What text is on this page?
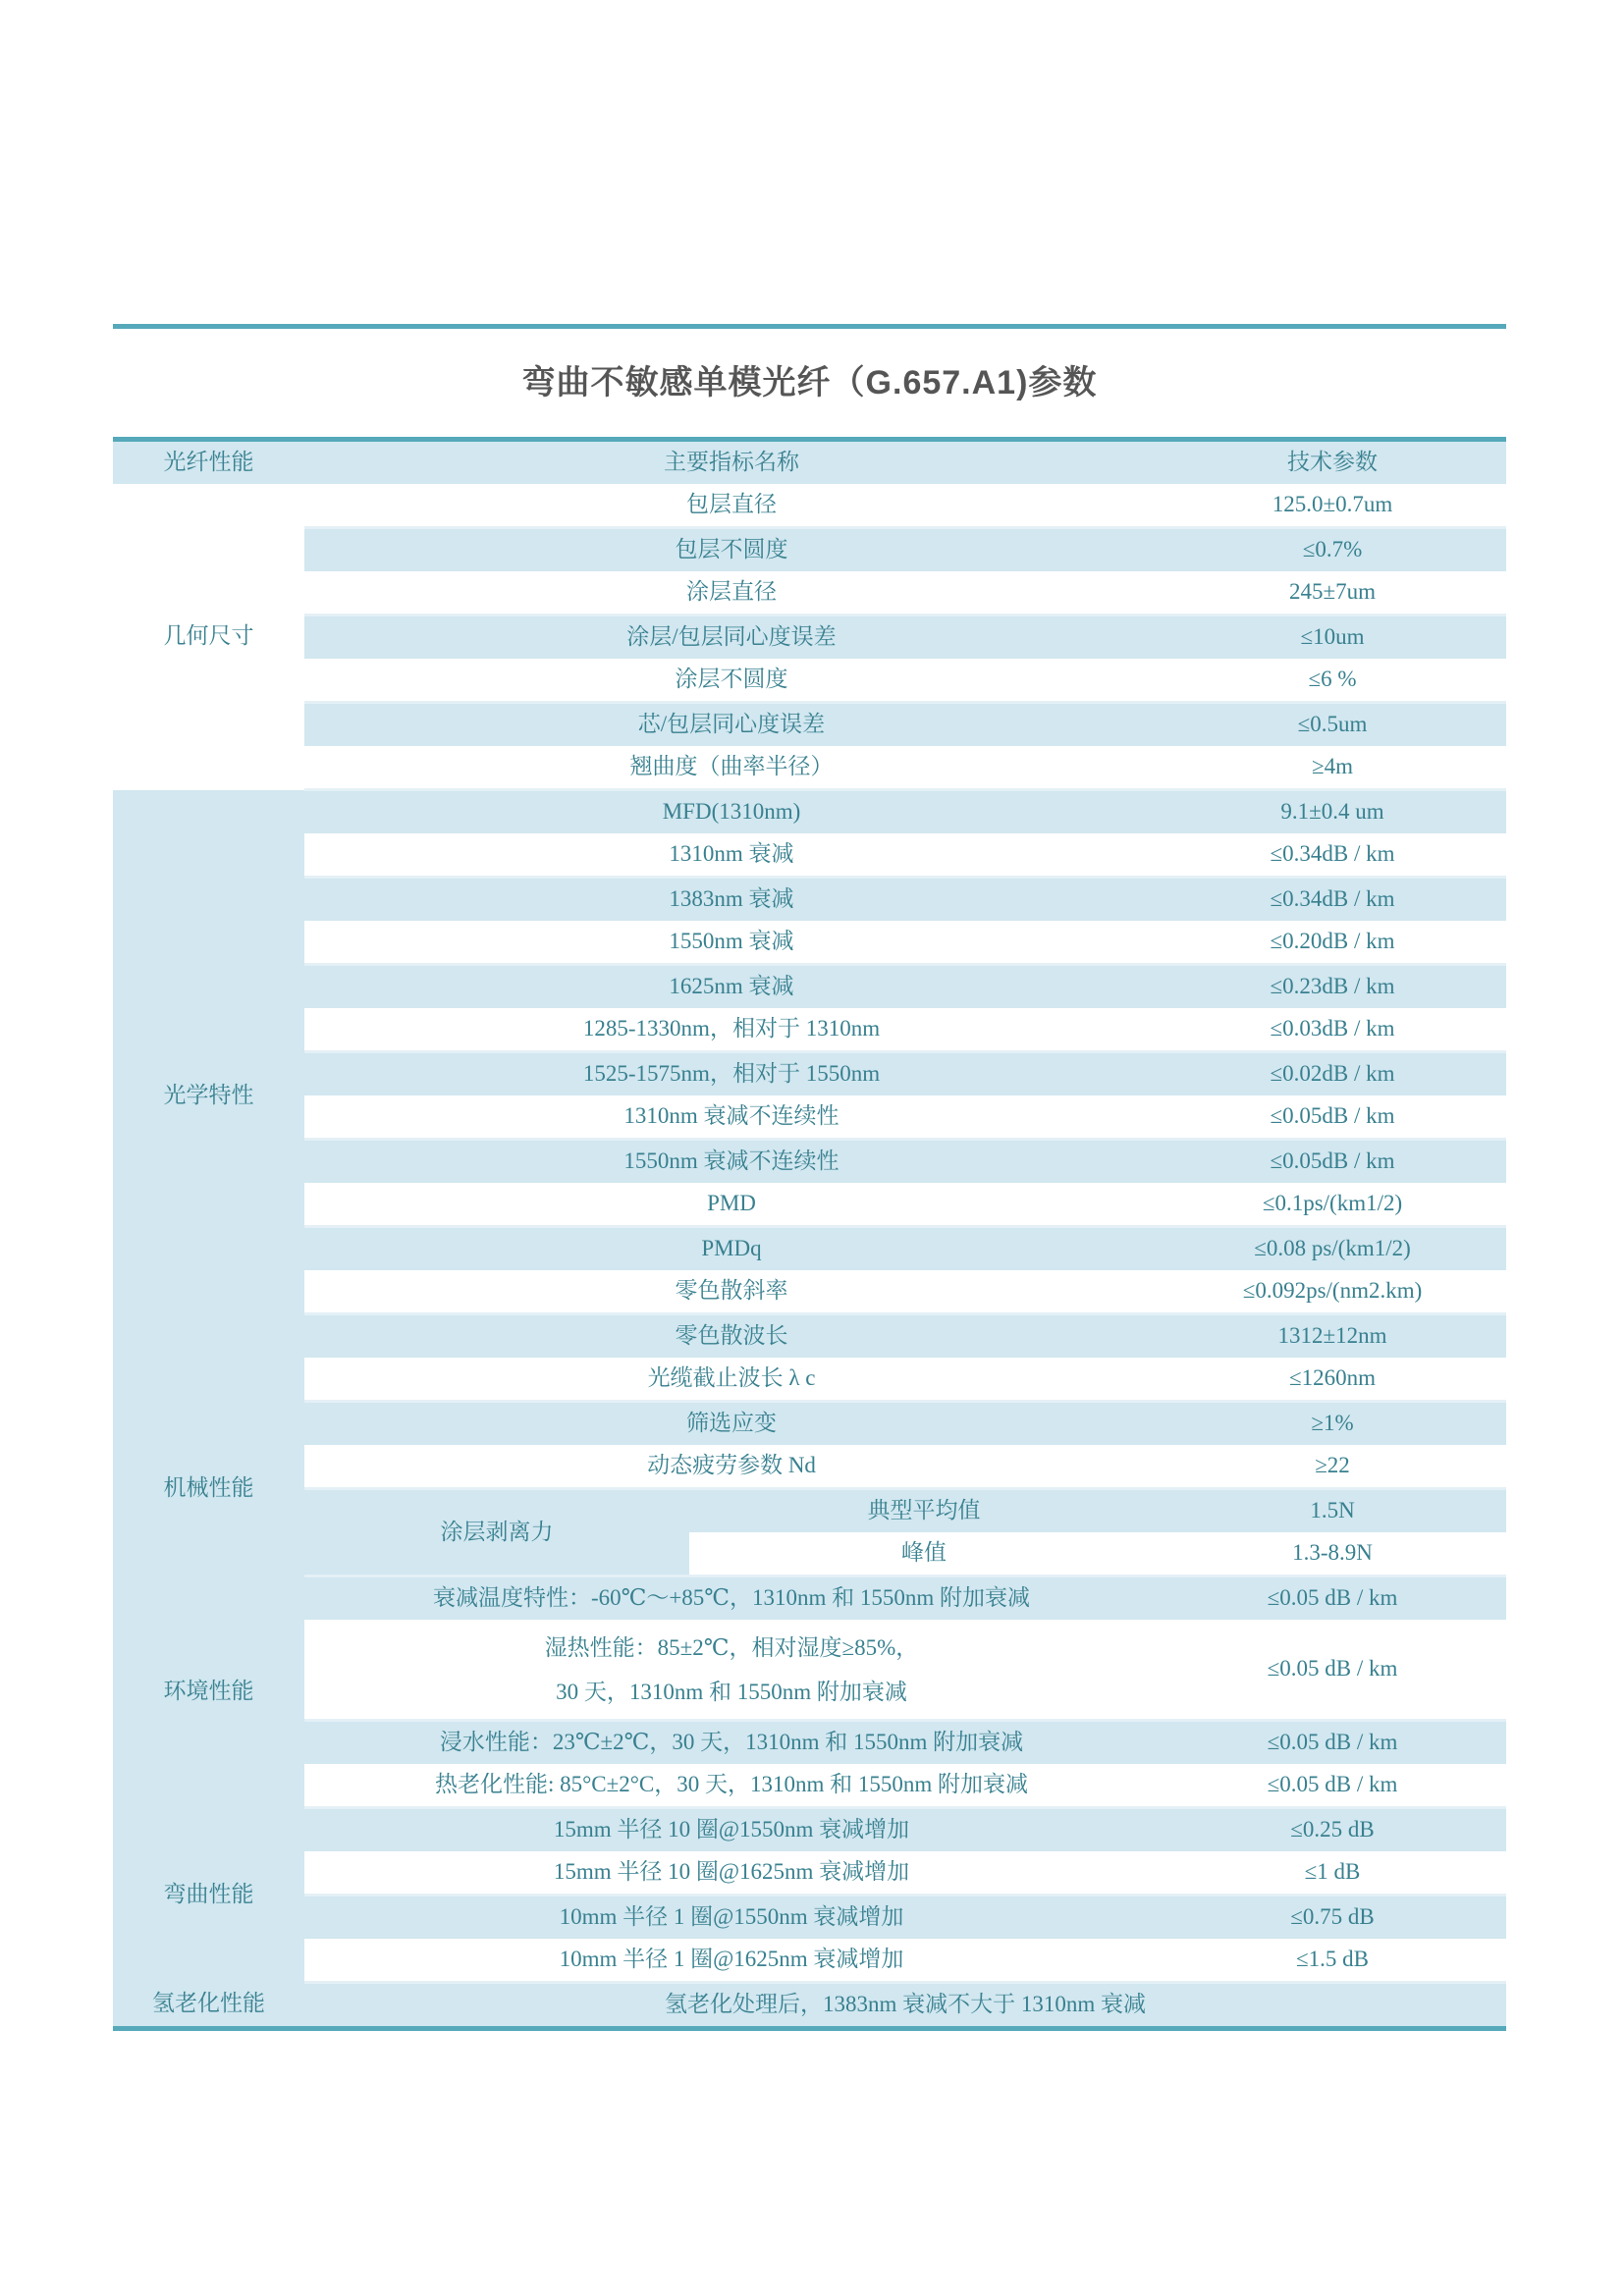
弯曲不敏感单模光纤（G.657.A1)参数
光纤性能	主要指标名称		技术参数
几何尺寸	包层直径		125.0±0.7um
	包层不圆度		≤0.7%
	涂层直径		245±7um
	涂层/包层同心度误差		≤10um
	涂层不圆度		≤6 %
	芯/包层同心度误差		≤0.5um
	翘曲度（曲率半径）		≥4m
光学特性	MFD(1310nm)		9.1±0.4 um
	1310nm 衰减		≤0.34dB / km
	1383nm 衰减		≤0.34dB / km
	1550nm 衰减		≤0.20dB / km
	1625nm 衰减		≤0.23dB / km
	1285-1330nm，相对于 1310nm		≤0.03dB / km
	1525-1575nm，相对于 1550nm		≤0.02dB / km
	1310nm 衰减不连续性		≤0.05dB / km
	1550nm 衰减不连续性		≤0.05dB / km
	PMD		≤0.1ps/(km1/2)
	PMDq		≤0.08 ps/(km1/2)
	零色散斜率		≤0.092ps/(nm2.km)
	零色散波长		1312±12nm
	光缆截止波长 λ c		≤1260nm
机械性能	筛选应变		≥1%
	动态疲劳参数 Nd		≥22
	涂层剥离力	典型平均值	1.5N
		峰值	1.3-8.9N
环境性能	衰减温度特性：-60℃～+85℃，1310nm 和 1550nm 附加衰减		≤0.05 dB / km

	湿热性能：85±2℃，相对湿度≥85%，
30 天，1310nm 和 1550nm 附加衰减		≤0.05 dB / km
	浸水性能：23℃±2℃，30 天，1310nm 和 1550nm 附加衰减		≤0.05 dB / km
	热老化性能: 85°C±2°C，30 天，1310nm 和 1550nm 附加衰减		≤0.05 dB / km
弯曲性能	15mm 半径 10 圈@1550nm 衰减增加		≤0.25 dB
	15mm 半径 10 圈@1625nm 衰减增加		≤1 dB
	10mm 半径 1 圈@1550nm 衰减增加		≤0.75 dB
	10mm 半径 1 圈@1625nm 衰减增加		≤1.5 dB
氢老化性能	氢老化处理后，1383nm 衰减不大于 1310nm 衰减		
